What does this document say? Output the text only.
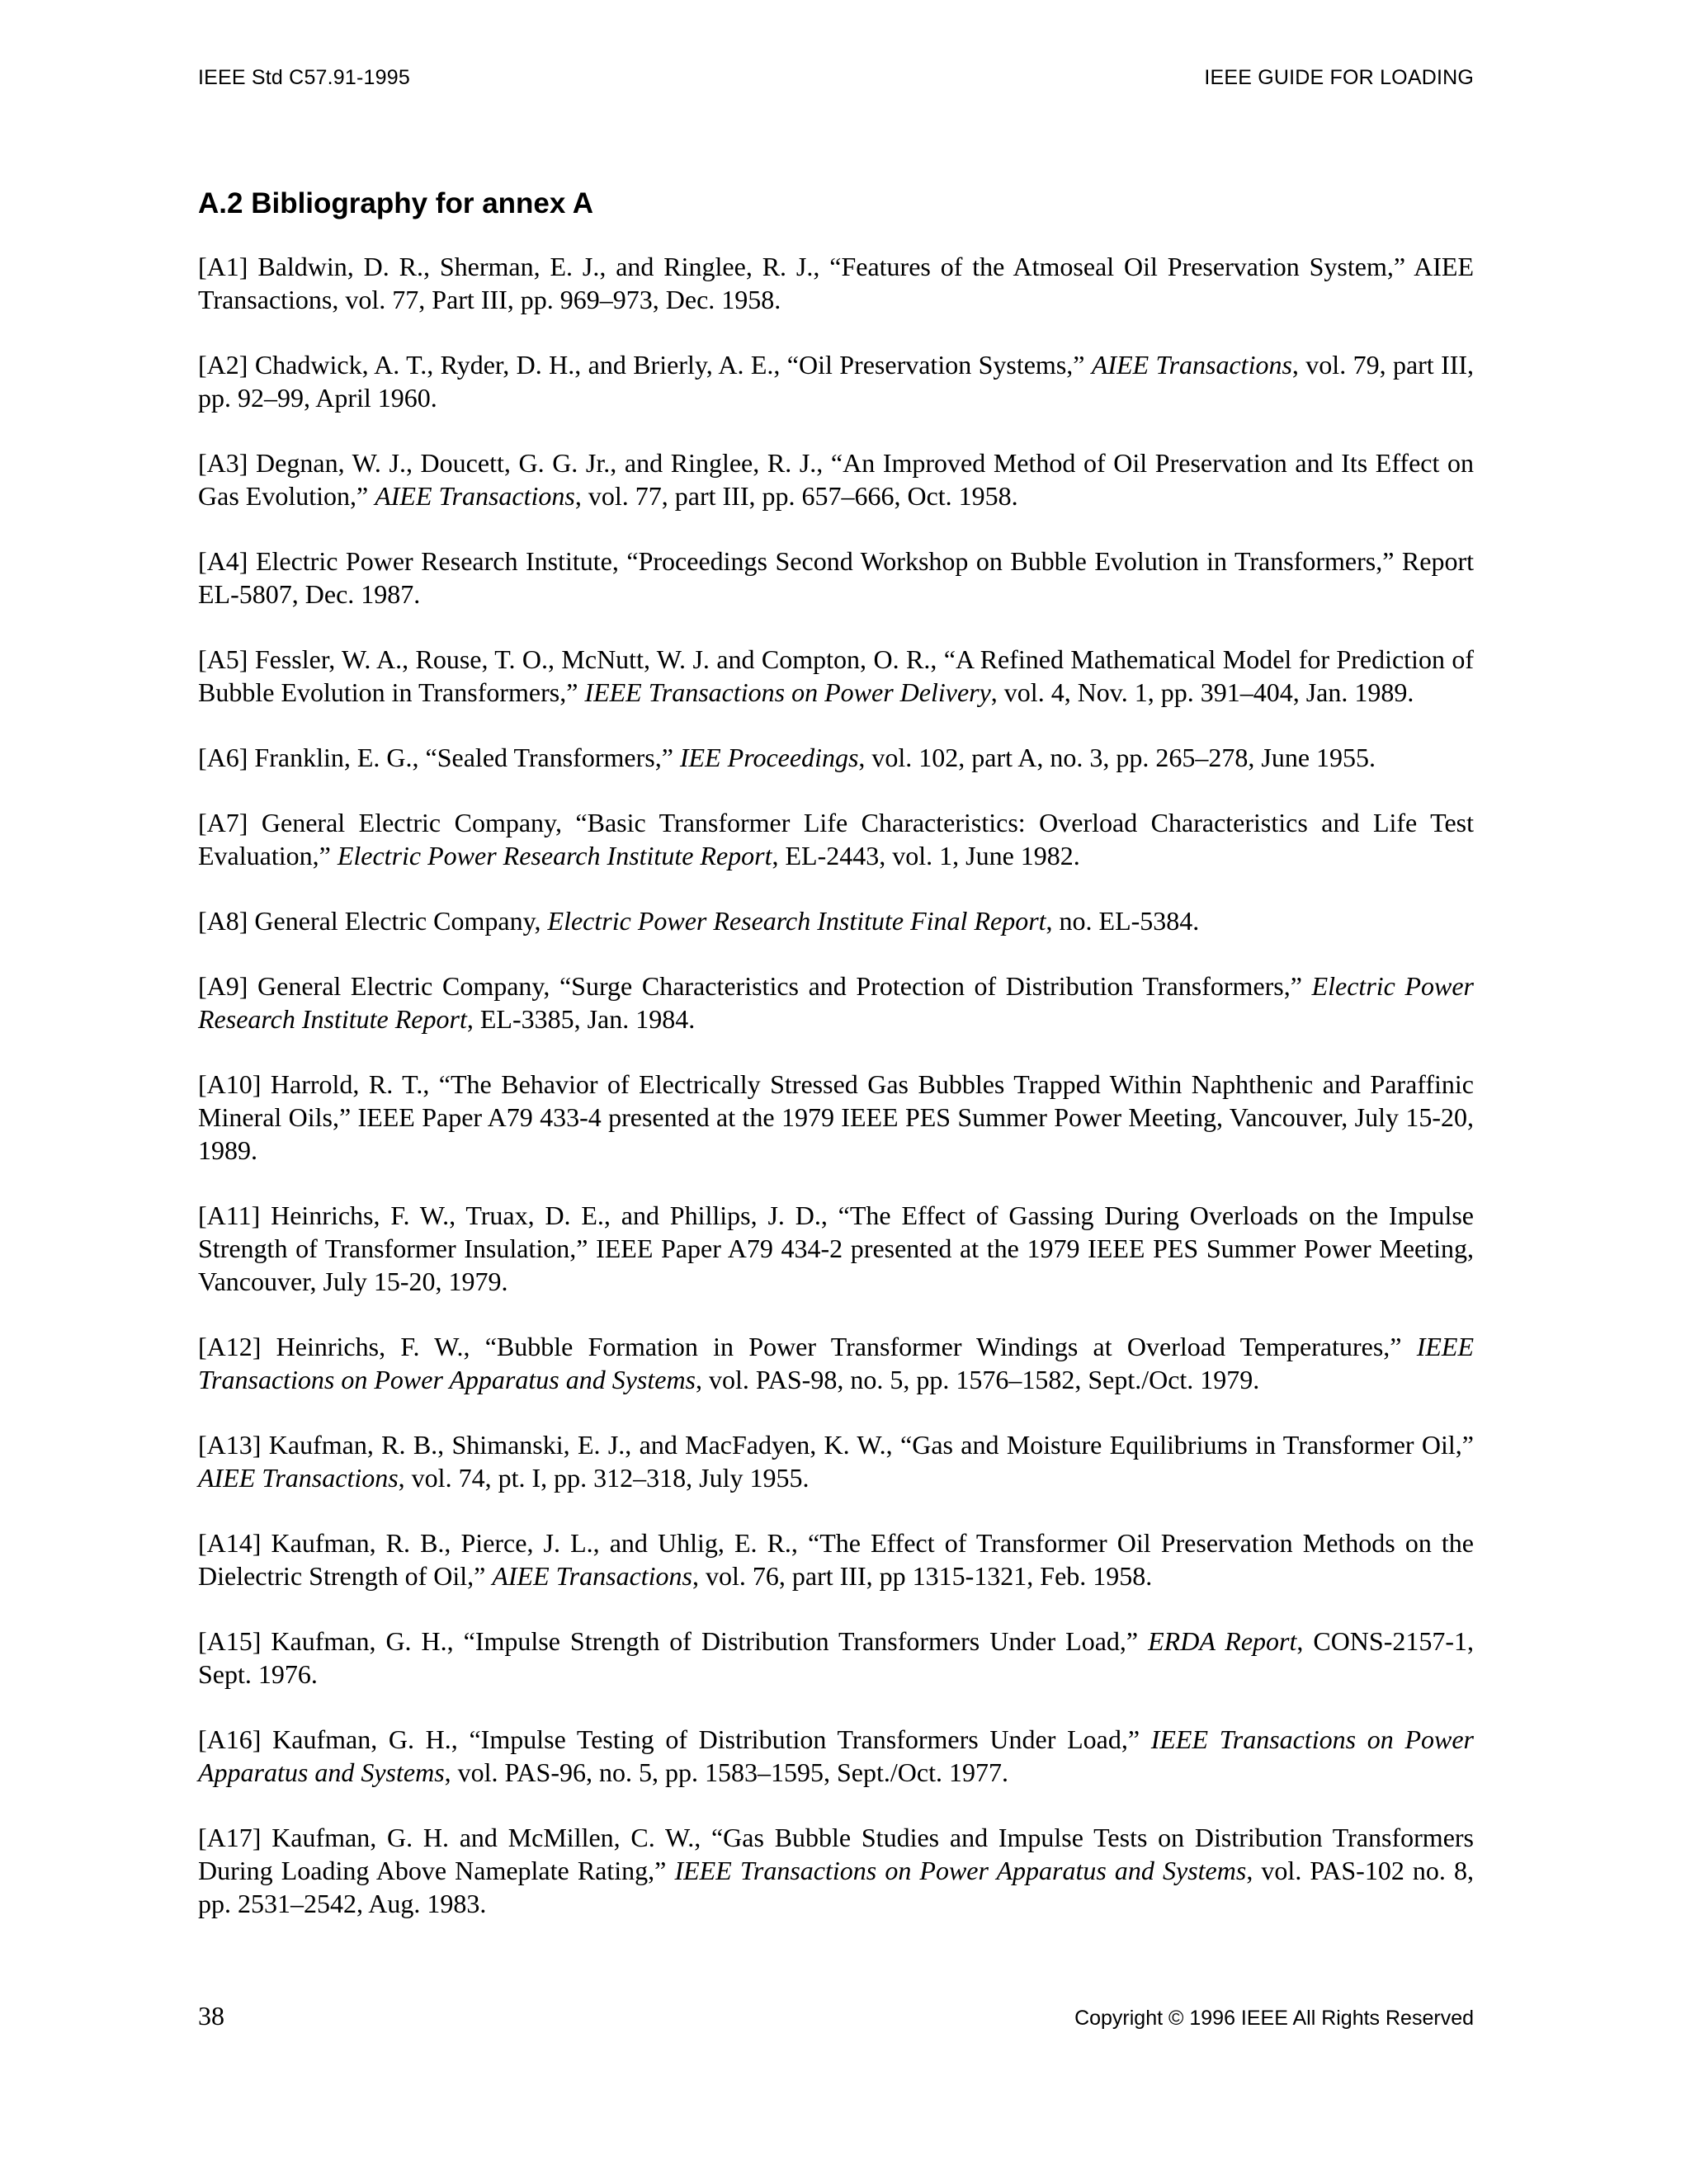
IEEE Std C57.91-1995	IEEE GUIDE FOR LOADING
A.2 Bibliography for annex A

[A1] Baldwin, D. R., Sherman, E. J., and Ringlee, R. J., “Features of the Atmoseal Oil Preservation System,” AIEE Transactions, vol. 77, Part III, pp. 969–973, Dec. 1958.

[A2] Chadwick, A. T., Ryder, D. H., and Brierly, A. E., “Oil Preservation Systems,” AIEE Transactions, vol. 79, part III, pp. 92–99, April 1960.

[A3] Degnan, W. J., Doucett, G. G. Jr., and Ringlee, R. J., “An Improved Method of Oil Preservation and Its Effect on Gas Evolution,” AIEE Transactions, vol. 77, part III, pp. 657–666, Oct. 1958.

[A4] Electric Power Research Institute, “Proceedings Second Workshop on Bubble Evolution in Transformers,” Report EL-5807, Dec. 1987.

[A5] Fessler, W. A., Rouse, T. O., McNutt, W. J. and Compton, O. R., “A Refined Mathematical Model for Prediction of Bubble Evolution in Transformers,” IEEE Transactions on Power Delivery, vol. 4, Nov. 1, pp. 391–404, Jan. 1989.

[A6] Franklin, E. G., “Sealed Transformers,” IEE Proceedings, vol. 102, part A, no. 3, pp. 265–278, June 1955.

[A7] General Electric Company, “Basic Transformer Life Characteristics: Overload Characteristics and Life Test Evaluation,” Electric Power Research Institute Report, EL-2443, vol. 1, June 1982.

[A8] General Electric Company, Electric Power Research Institute Final Report, no. EL-5384.

[A9] General Electric Company, “Surge Characteristics and Protection of Distribution Transformers,” Electric Power Research Institute Report, EL-3385, Jan. 1984.

[A10] Harrold, R. T., “The Behavior of Electrically Stressed Gas Bubbles Trapped Within Naphthenic and Paraffinic Mineral Oils,” IEEE Paper A79 433-4 presented at the 1979 IEEE PES Summer Power Meeting, Vancouver, July 15-20, 1989.

[A11] Heinrichs, F. W., Truax, D. E., and Phillips, J. D., “The Effect of Gassing During Overloads on the Impulse Strength of Transformer Insulation,” IEEE Paper A79 434-2 presented at the 1979 IEEE PES Summer Power Meeting, Vancouver, July 15-20, 1979.

[A12] Heinrichs, F. W., “Bubble Formation in Power Transformer Windings at Overload Temperatures,” IEEE Transactions on Power Apparatus and Systems, vol. PAS-98, no. 5, pp. 1576–1582, Sept./Oct. 1979.

[A13] Kaufman, R. B., Shimanski, E. J., and MacFadyen, K. W., “Gas and Moisture Equilibriums in Transformer Oil,” AIEE Transactions, vol. 74, pt. I, pp. 312–318, July 1955.

[A14] Kaufman, R. B., Pierce, J. L., and Uhlig, E. R., “The Effect of Transformer Oil Preservation Methods on the Dielectric Strength of Oil,” AIEE Transactions, vol. 76, part III, pp 1315-1321, Feb. 1958.

[A15] Kaufman, G. H., “Impulse Strength of Distribution Transformers Under Load,” ERDA Report, CONS-2157-1, Sept. 1976.

[A16] Kaufman, G. H., “Impulse Testing of Distribution Transformers Under Load,” IEEE Transactions on Power Apparatus and Systems, vol. PAS-96, no. 5, pp. 1583–1595, Sept./Oct. 1977.

[A17] Kaufman, G. H. and McMillen, C. W., “Gas Bubble Studies and Impulse Tests on Distribution Transformers During Loading Above Nameplate Rating,” IEEE Transactions on Power Apparatus and Systems, vol. PAS-102 no. 8, pp. 2531–2542, Aug. 1983.

38	Copyright © 1996 IEEE All Rights Reserved
